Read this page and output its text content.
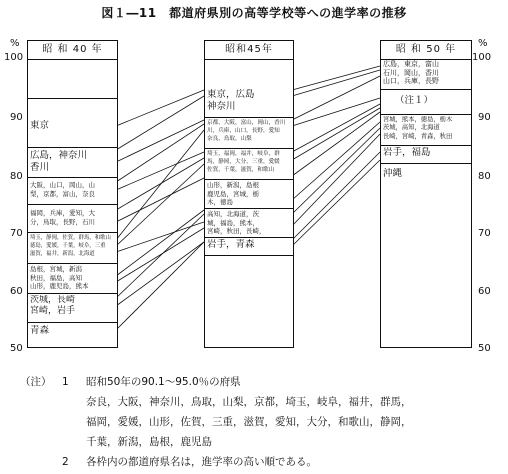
図１―11　都道府県別の高等学校等への進学率の推移
%
100
90
80
70
60
50
%
100
90
80
70
60
50
昭 和 40 年
東京
広島，神奈川
香川
大阪，山口，岡山，山
梨，京都，富山，奈良
福岡，兵庫，愛知，大
分，鳥取，長野，石川
埼玉，静岡，佐賀，群馬，和歌山
徳島，愛媛，千葉，岐阜，三重
滋賀，福井，新潟，北海道
島根，宮城，新潟
秋田，福島，高知
山形，鹿児島，熊本
茨城，長崎
宮崎，岩手
青森
昭和45年
東京，広島
神奈川
京都，大阪，富山，岡山，香川
川，兵庫，山口，長野，愛知
奈良，鳥取，山梨
埼玉，福岡，福井，岐阜，群
馬，静岡，大分，三重，愛媛
佐賀，千葉，滋賀，和歌山
山形，新潟，島根
鹿児島，宮城，栃
木，徳島
高知，北海道，茨
城，福島，熊本，
宮崎，秋田，長崎，
岩手，青森
昭 和 50 年
広島，東京，富山
石川，岡山，香川
山口，兵庫，長野
（注１）
宮城，熊本，徳島，栃木
茨城，高知，北海道
長崎，宮崎，青森，秋田
岩手，福島
沖縄
（注） 1 昭和50年の90.1～95.0％の府県
奈良，大阪，神奈川，鳥取，山梨，京都，埼玉，岐阜，福井，群馬，
福岡，愛媛，山形，佐賀，三重，滋賀，愛知，大分，和歌山，静岡，
千葉，新潟，島根，鹿児島
2 各枠内の都道府県名は，進学率の高い順である。
